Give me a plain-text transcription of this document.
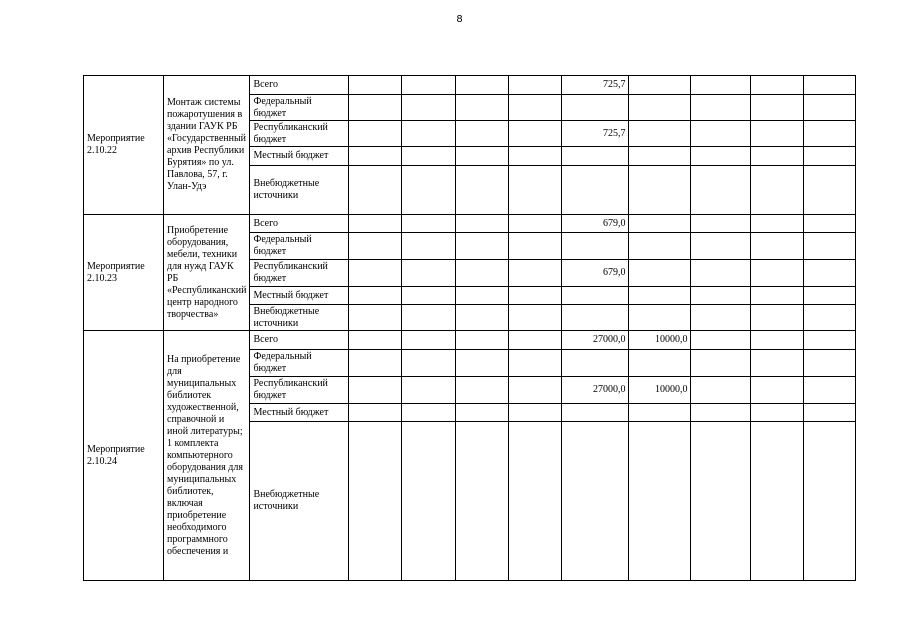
8
Мероприятие 2.10.22	Монтаж системы пожаротушения в здании ГАУК РБ «Государственный архив Республики Бурятия» по ул. Павлова, 57, г. Улан-Удэ	Всего					725,7				
		Федеральный бюджет									
		Республиканский бюджет					725,7				
		Местный бюджет									
		Внебюджетные источники									
Мероприятие 2.10.23	Приобретение оборудования, мебели, техники для нужд ГАУК РБ «Республиканский центр народного творчества»	Всего					679,0				
		Федеральный бюджет									
		Республиканский бюджет					679,0				
		Местный бюджет									
		Внебюджетные источники									
Мероприятие 2.10.24	На приобретение для муниципальных библиотек художественной, справочной и иной литературы; 1 комплекта компьютерного оборудования для муниципальных библиотек, включая приобретение необходимого программного обеспечения и	Всего					27000,0	10000,0			
		Федеральный бюджет									
		Республиканский бюджет					27000,0	10000,0			
		Местный бюджет									
		Внебюджетные источники									
